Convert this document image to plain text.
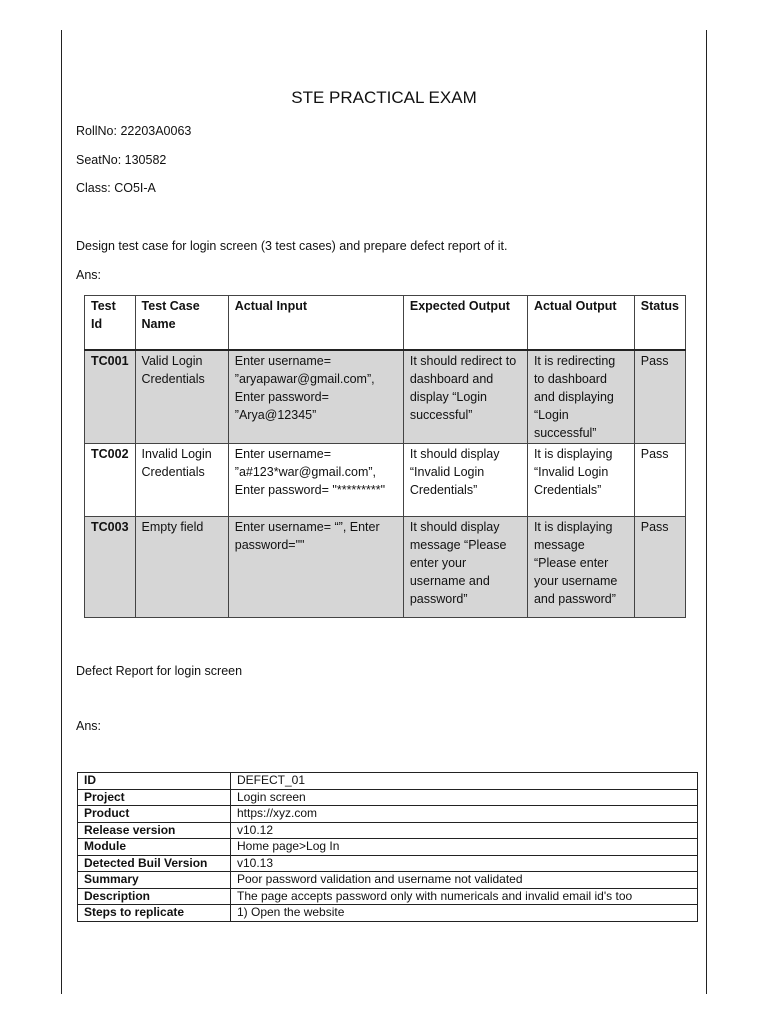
STE PRACTICAL EXAM
RollNo: 22203A0063
SeatNo: 130582
Class: CO5I-A
Design test case for login screen (3 test cases) and prepare defect report of it.
Ans:
Test Id	Test Case Name	Actual Input	Expected Output	Actual Output	Status
TC001	Valid Login Credentials	Enter username= ”aryapawar@gmail.com”, Enter password= ”Arya@12345”	It should redirect to dashboard and display “Login successful”	It is redirecting to dashboard and displaying “Login successful”	Pass
TC002	Invalid Login Credentials	Enter username= ”a#123*war@gmail.com”, Enter password= "*********"	It should display “Invalid Login Credentials”	It is displaying “Invalid Login Credentials”	Pass
TC003	Empty field	Enter username= “”, Enter password=""	It should display message “Please enter your username and password”	It is displaying message “Please enter your username and password”	Pass
Defect Report for login screen
Ans:
ID	DEFECT_01
Project	Login screen
Product	https://xyz.com
Release version	v10.12
Module	Home page>Log In
Detected Buil Version	v10.13
Summary	Poor password validation and username not validated
Description	The page accepts password only with numericals and invalid email id's too
Steps to replicate	1) Open the website
